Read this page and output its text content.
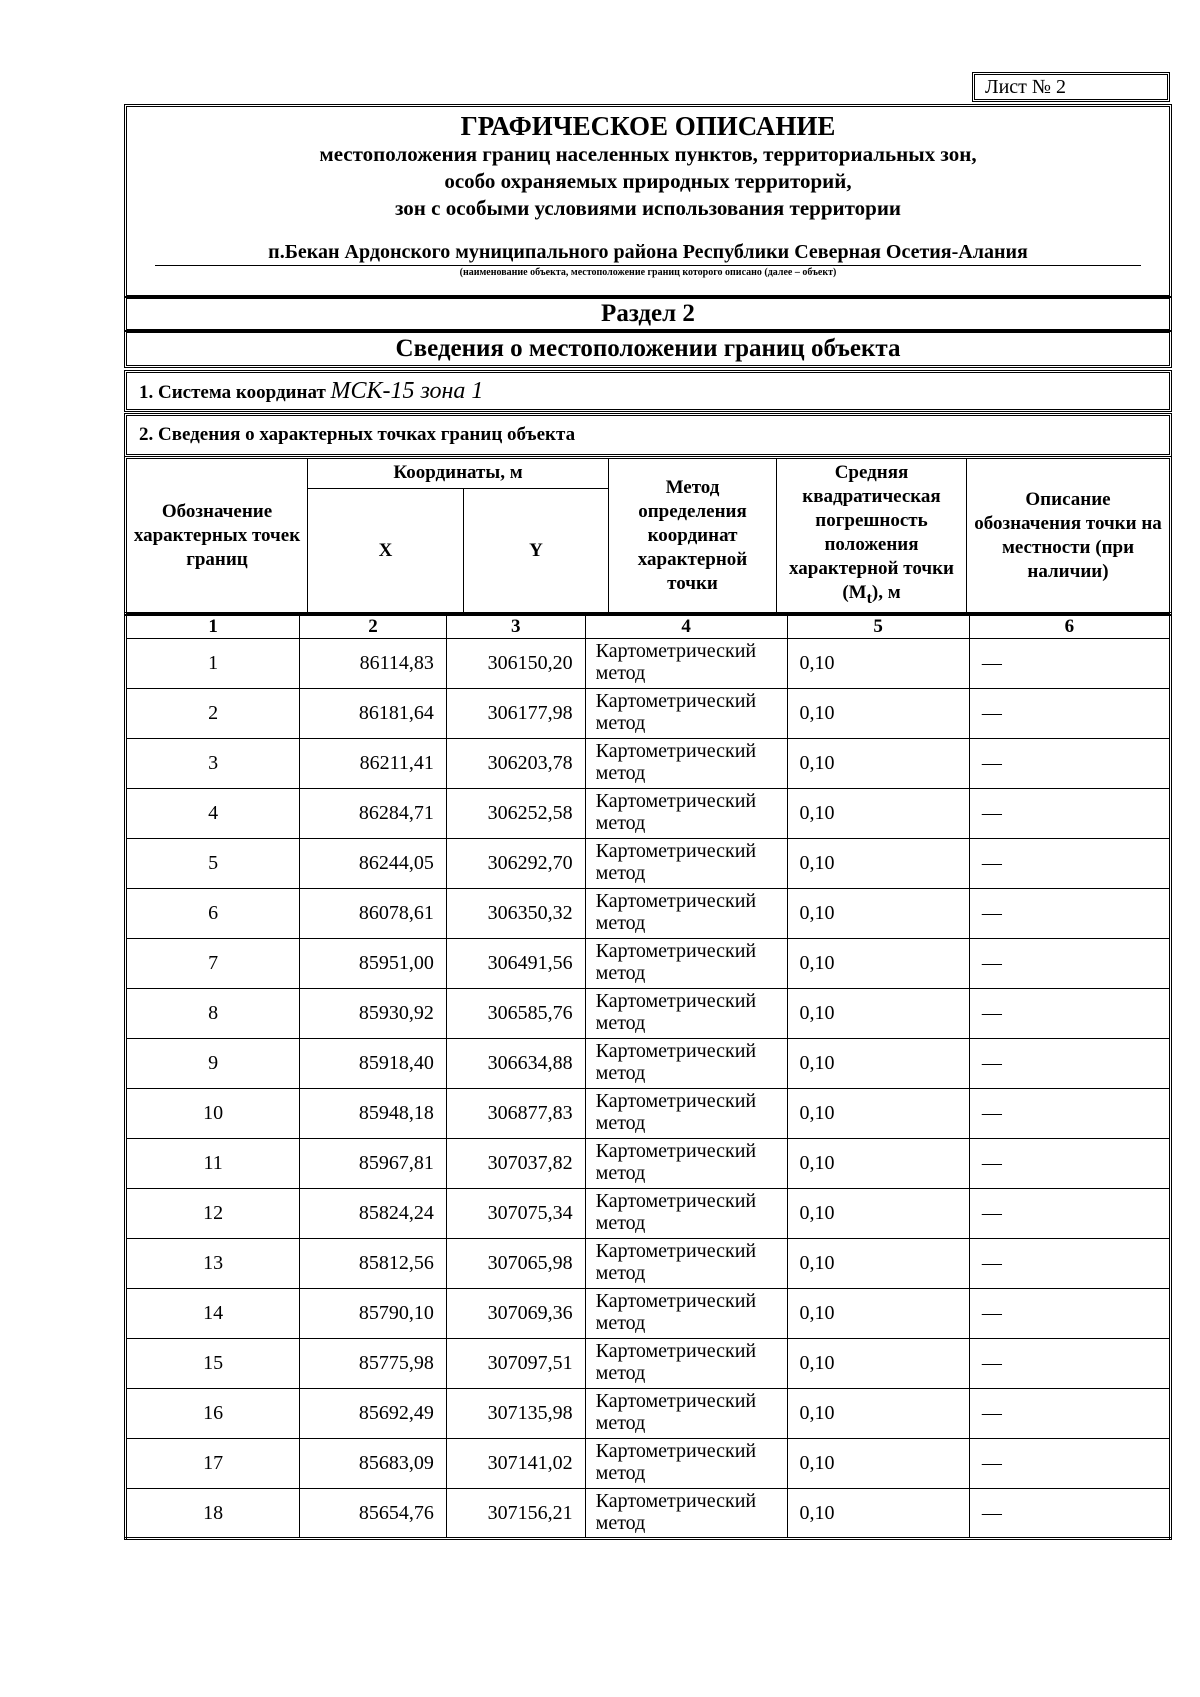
Лист № 2
ГРАФИЧЕСКОЕ ОПИСАНИЕ
местоположения границ населенных пунктов, территориальных зон,
особо охраняемых природных территорий,
зон с особыми условиями использования территории
п.Бекан Ардонского муниципального района Республики Северная Осетия-Алания
(наименование объекта, местоположение границ которого описано (далее – объект)
Раздел 2
Сведения о местоположении границ объекта
1. Система координат МСК-15 зона 1
2. Сведения о характерных точках границ объекта
Обозначение характерных точек границ
Координаты, м
X	Y
Метод определения координат характерной точки
Средняя квадратическая погрешность положения характерной точки $(M_t)$, м
Описание обозначения точки на местности (при наличии)
1	2	3	4	5	6
1	86114,83	306150,20	Картометрический метод	0,10	—
2	86181,64	306177,98	Картометрический метод	0,10	—
3	86211,41	306203,78	Картометрический метод	0,10	—
4	86284,71	306252,58	Картометрический метод	0,10	—
5	86244,05	306292,70	Картометрический метод	0,10	—
6	86078,61	306350,32	Картометрический метод	0,10	—
7	85951,00	306491,56	Картометрический метод	0,10	—
8	85930,92	306585,76	Картометрический метод	0,10	—
9	85918,40	306634,88	Картометрический метод	0,10	—
10	85948,18	306877,83	Картометрический метод	0,10	—
11	85967,81	307037,82	Картометрический метод	0,10	—
12	85824,24	307075,34	Картометрический метод	0,10	—
13	85812,56	307065,98	Картометрический метод	0,10	—
14	85790,10	307069,36	Картометрический метод	0,10	—
15	85775,98	307097,51	Картометрический метод	0,10	—
16	85692,49	307135,98	Картометрический метод	0,10	—
17	85683,09	307141,02	Картометрический метод	0,10	—
18	85654,76	307156,21	Картометрический метод	0,10	—
